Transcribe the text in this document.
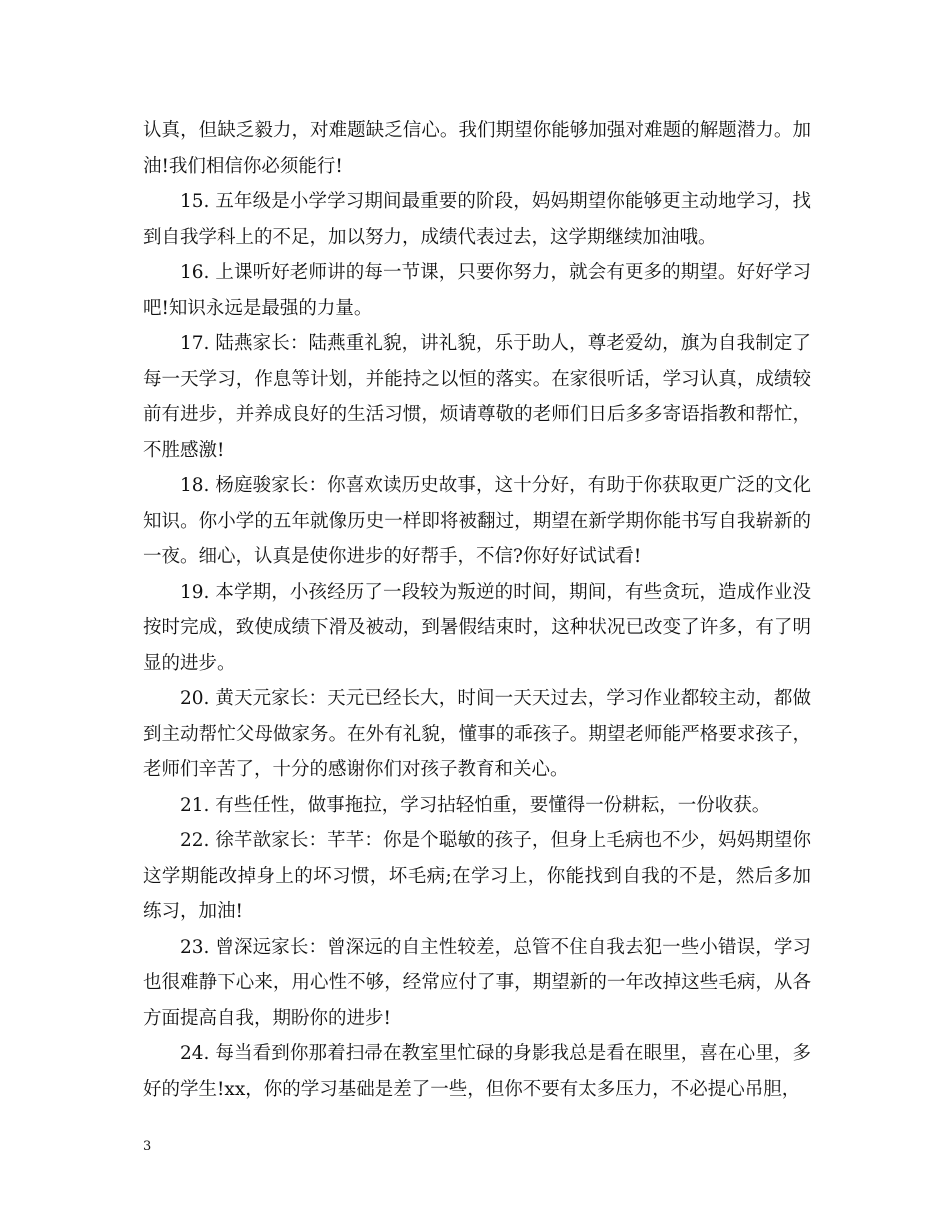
认真，但缺乏毅力，对难题缺乏信心。我们期望你能够加强对难题的解题潜力。加油!我们相信你必须能行!

15. 五年级是小学学习期间最重要的阶段，妈妈期望你能够更主动地学习，找到自我学科上的不足，加以努力，成绩代表过去，这学期继续加油哦。

16. 上课听好老师讲的每一节课，只要你努力，就会有更多的期望。好好学习吧!知识永远是最强的力量。

17. 陆燕家长：陆燕重礼貌，讲礼貌，乐于助人，尊老爱幼，旗为自我制定了每一天学习，作息等计划，并能持之以恒的落实。在家很听话，学习认真，成绩较前有进步，并养成良好的生活习惯，烦请尊敬的老师们日后多多寄语指教和帮忙，不胜感激!

18. 杨庭骏家长：你喜欢读历史故事，这十分好，有助于你获取更广泛的文化知识。你小学的五年就像历史一样即将被翻过，期望在新学期你能书写自我崭新的一夜。细心，认真是使你进步的好帮手，不信?你好好试试看!

19. 本学期，小孩经历了一段较为叛逆的时间，期间，有些贪玩，造成作业没按时完成，致使成绩下滑及被动，到暑假结束时，这种状况已改变了许多，有了明显的进步。

20. 黄天元家长：天元已经长大，时间一天天过去，学习作业都较主动，都做到主动帮忙父母做家务。在外有礼貌，懂事的乖孩子。期望老师能严格要求孩子，老师们辛苦了，十分的感谢你们对孩子教育和关心。

21. 有些任性，做事拖拉，学习拈轻怕重，要懂得一份耕耘，一份收获。

22. 徐芊歆家长：芊芊：你是个聪敏的孩子，但身上毛病也不少，妈妈期望你这学期能改掉身上的坏习惯，坏毛病;在学习上，你能找到自我的不是，然后多加练习，加油!

23. 曾深远家长：曾深远的自主性较差，总管不住自我去犯一些小错误，学习也很难静下心来，用心性不够，经常应付了事，期望新的一年改掉这些毛病，从各方面提高自我，期盼你的进步!

24. 每当看到你那着扫帚在教室里忙碌的身影我总是看在眼里，喜在心里，多好的学生!xx，你的学习基础是差了一些，但你不要有太多压力，不必提心吊胆，

3
